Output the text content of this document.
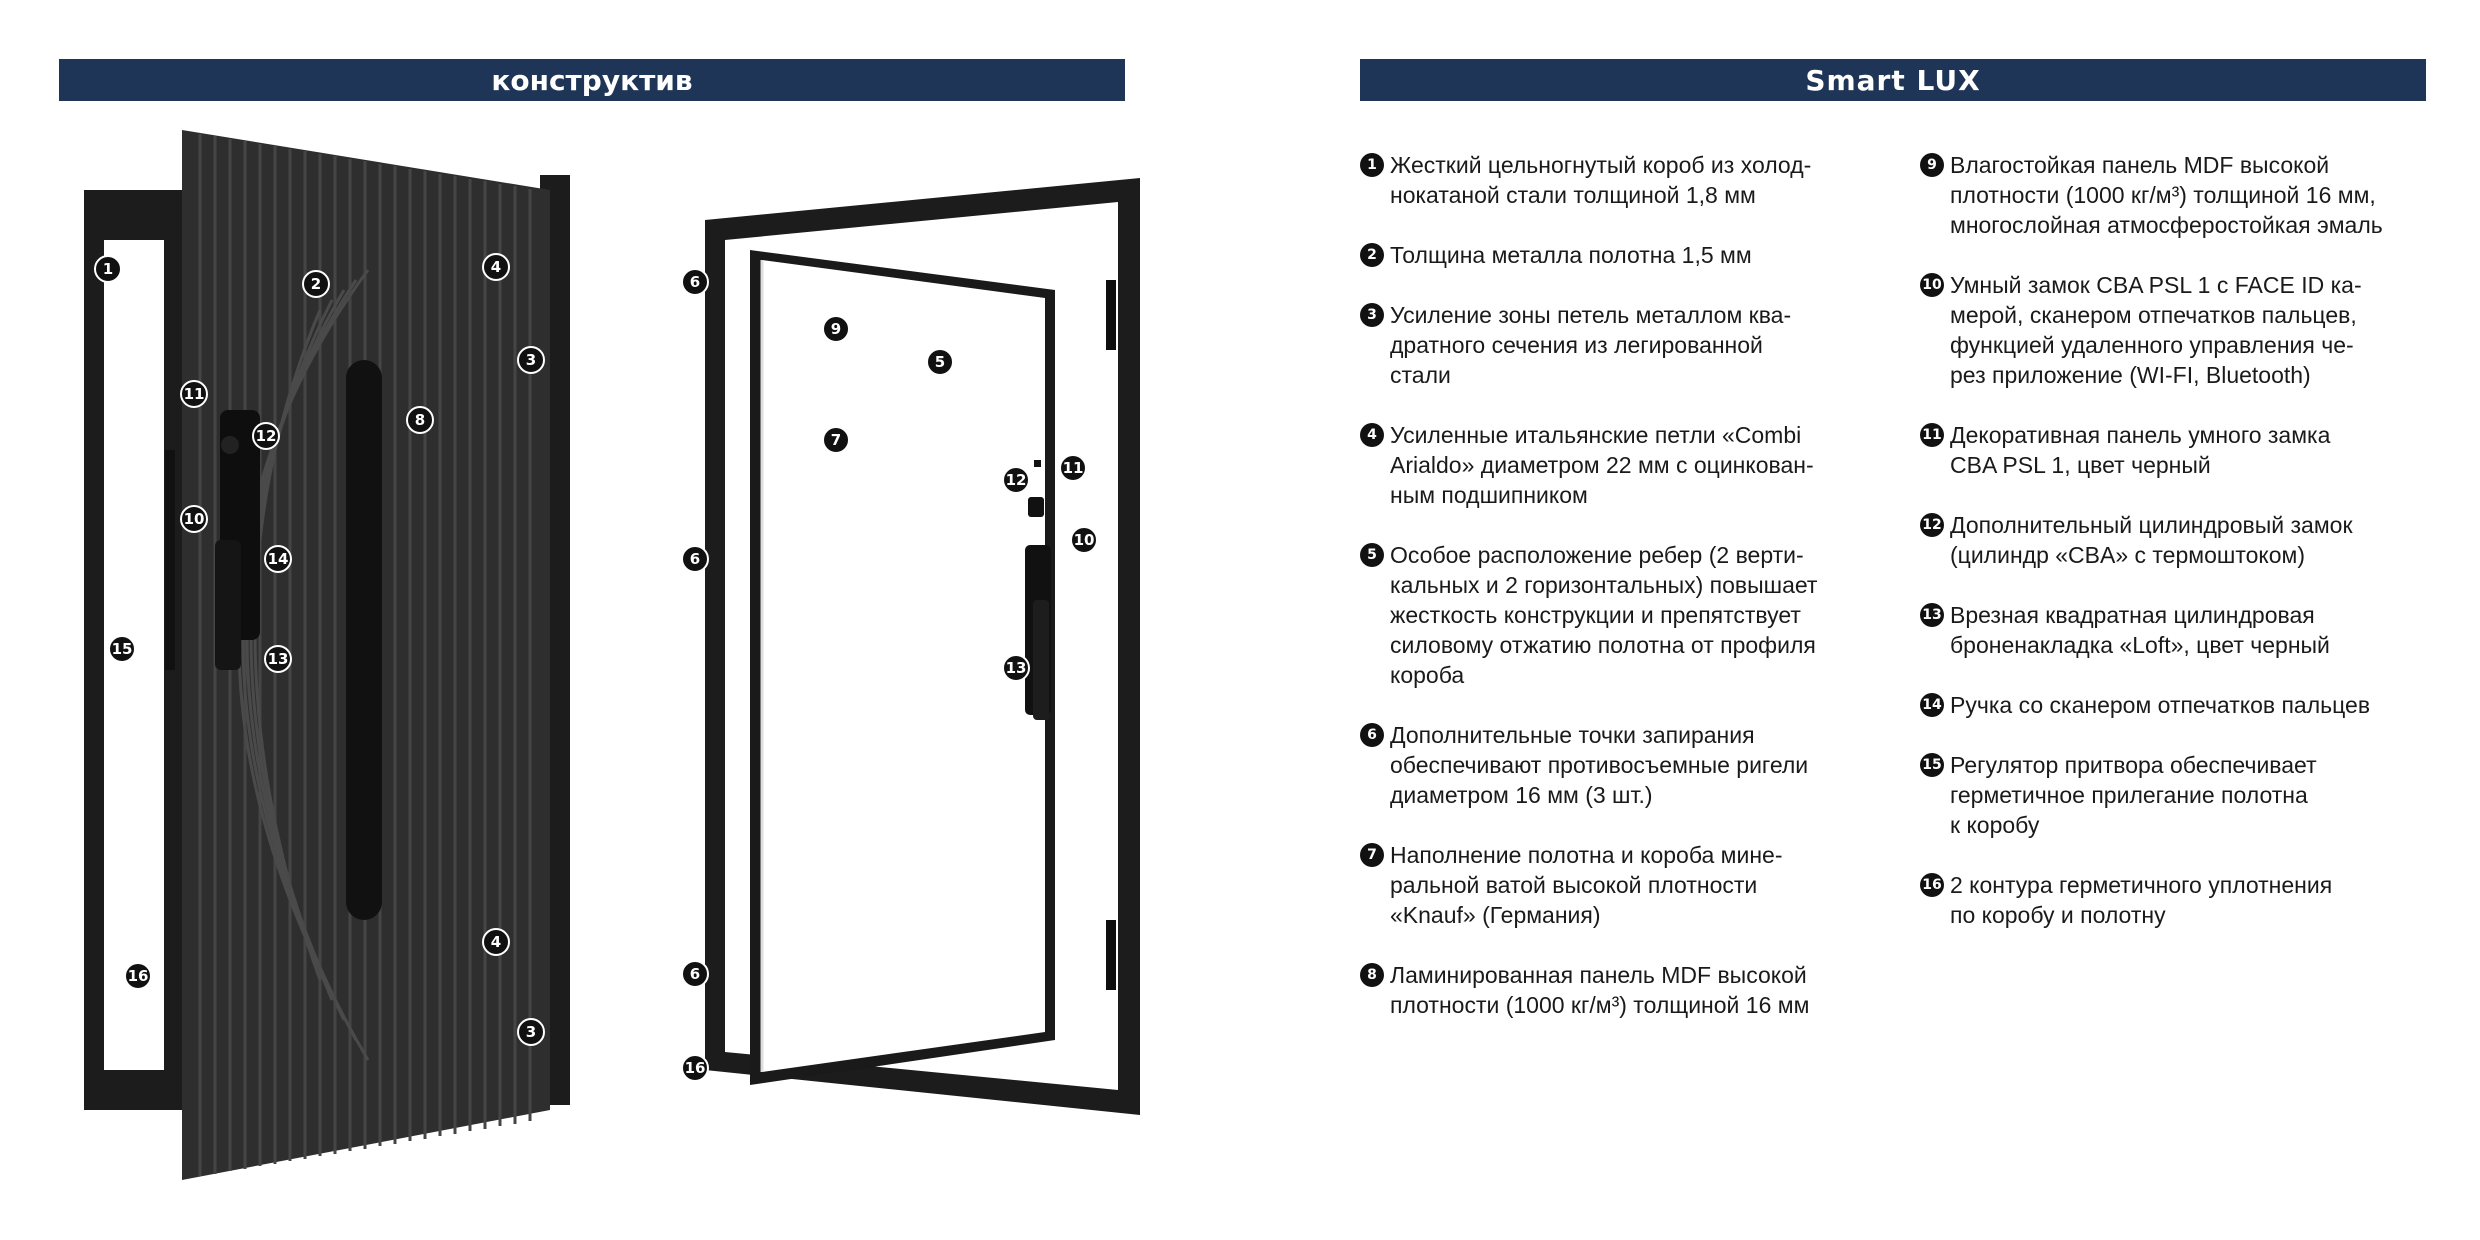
конструктив	Smart LUX
1
2
4
3
11
12
8
10
14
15
13
4
3
16
6
9
5
7
12
11
10
6
13
6
16
1 Жесткий цельногнутый короб из холод-
нокатаной стали толщиной 1,8 мм
2 Толщина металла полотна 1,5 мм
3 Усиление зоны петель металлом ква-
дратного сечения из легированной
стали
4 Усиленные итальянские петли «Combi
Arialdo» диаметром 22 мм с оцинкован-
ным подшипником
5 Особое расположение ребер (2 верти-
кальных и 2 горизонтальных) повышает
жесткость конструкции и препятствует
силовому отжатию полотна от профиля
короба
6 Дополнительные точки запирания
обеспечивают противосъемные ригели
диаметром 16 мм (3 шт.)
7 Наполнение полотна и короба мине-
ральной ватой высокой плотности
«Knauf» (Германия)
8 Ламинированная панель MDF высокой
плотности (1000 кг/м³) толщиной 16 мм
9 Влагостойкая панель MDF высокой
плотности (1000 кг/м³) толщиной 16 мм,
многослойная атмосферостойкая эмаль
10 Умный замок CBA PSL 1 с FACE ID ка-
мерой, сканером отпечатков пальцев,
функцией удаленного управления че-
рез приложение (WI-FI, Bluetooth)
11 Декоративная панель умного замка
CBA PSL 1, цвет черный
12 Дополнительный цилиндровый замок
(цилиндр «CBA» с термоштоком)
13 Врезная квадратная цилиндровая
броненакладка «Loft», цвет черный
14 Ручка со сканером отпечатков пальцев
15 Регулятор притвора обеспечивает
герметичное прилегание полотна
к коробу
16 2 контура герметичного уплотнения
по коробу и полотну
